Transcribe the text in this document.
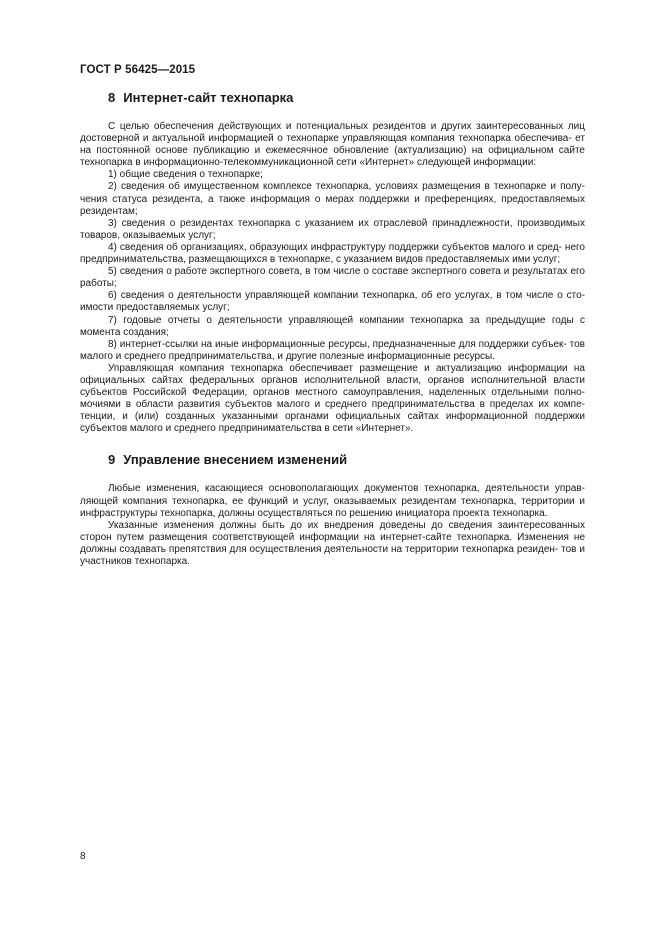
ГОСТ Р 56425—2015
8 Интернет-сайт технопарка

С целью обеспечения действующих и потенциальных резидентов и других заинтересованных лиц достоверной и актуальной информацией о технопарке управляющая компания технопарка обеспечива- ет на постоянной основе публикацию и ежемесячное обновление (актуализацию) на официальном сайте технопарка в информационно-телекоммуникационной сети «Интернет» следующей информации:

1) общие сведения о технопарке;

2) сведения об имущественном комплексе технопарка, условиях размещения в технопарке и полу- чения статуса резидента, а также информация о мерах поддержки и преференциях, предоставляемых резидентам;

3) сведения о резидентах технопарка с указанием их отраслевой принадлежности, производимых товаров, оказываемых услуг;

4) сведения об организациях, образующих инфраструктуру поддержки субъектов малого и сред- него предпринимательства, размещающихся в технопарке, с указанием видов предоставляемых ими услуг;

5) сведения о работе экспертного совета, в том числе о составе экспертного совета и результатах его работы;

6) сведения о деятельности управляющей компании технопарка, об его услугах, в том числе о сто- имости предоставляемых услуг;

7) годовые отчеты о деятельности управляющей компании технопарка за предыдущие годы с момента создания;

8) интернет-ссылки на иные информационные ресурсы, предназначенные для поддержки субъек- тов малого и среднего предпринимательства, и другие полезные информационные ресурсы.

Управляющая компания технопарка обеспечивает размещение и актуализацию информации на официальных сайтах федеральных органов исполнительной власти, органов исполнительной власти субъектов Российской Федерации, органов местного самоуправления, наделенных отдельными полно- мочиями в области развития субъектов малого и среднего предпринимательства в пределах их компе- тенции, и (или) созданных указанными органами официальных сайтах информационной поддержки субъектов малого и среднего предпринимательства в сети «Интернет».

9 Управление внесением изменений

Любые изменения, касающиеся основополагающих документов технопарка, деятельности управ- ляющей компания технопарка, ее функций и услуг, оказываемых резидентам технопарка, территории и инфраструктуры технопарка, должны осуществляться по решению инициатора проекта технопарка.

Указанные изменения должны быть до их внедрения доведены до сведения заинтересованных сторон путем размещения соответствующей информации на интернет-сайте технопарка. Изменения не должны создавать препятствия для осуществления деятельности на территории технопарка резиден- тов и участников технопарка.

8
